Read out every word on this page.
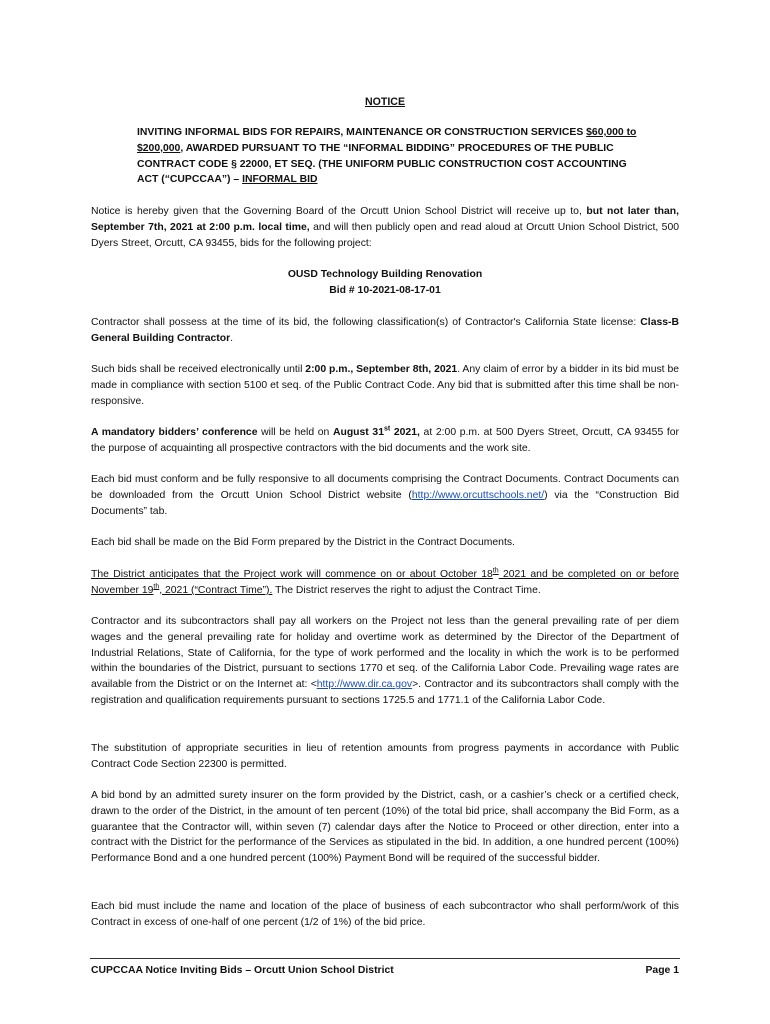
NOTICE
INVITING INFORMAL BIDS FOR REPAIRS, MAINTENANCE OR CONSTRUCTION SERVICES $60,000 to $200,000, AWARDED PURSUANT TO THE “INFORMAL BIDDING” PROCEDURES OF THE PUBLIC CONTRACT CODE § 22000, ET SEQ. (THE UNIFORM PUBLIC CONSTRUCTION COST ACCOUNTING ACT (“CUPCCAA”) – INFORMAL BID
Notice is hereby given that the Governing Board of the Orcutt Union School District will receive up to, but not later than, September 7th, 2021 at 2:00 p.m. local time, and will then publicly open and read aloud at Orcutt Union School District, 500 Dyers Street, Orcutt, CA 93455, bids for the following project:
OUSD Technology Building Renovation
Bid # 10-2021-08-17-01
Contractor shall possess at the time of its bid, the following classification(s) of Contractor's California State license: Class-B General Building Contractor.
Such bids shall be received electronically until 2:00 p.m., September 8th, 2021. Any claim of error by a bidder in its bid must be made in compliance with section 5100 et seq. of the Public Contract Code. Any bid that is submitted after this time shall be non-responsive.
A mandatory bidders’ conference will be held on August 31st 2021, at 2:00 p.m. at 500 Dyers Street, Orcutt, CA 93455 for the purpose of acquainting all prospective contractors with the bid documents and the work site.
Each bid must conform and be fully responsive to all documents comprising the Contract Documents. Contract Documents can be downloaded from the Orcutt Union School District website (http://www.orcuttschools.net/) via the “Construction Bid Documents” tab.
Each bid shall be made on the Bid Form prepared by the District in the Contract Documents.
The District anticipates that the Project work will commence on or about October 18th 2021 and be completed on or before November 19th, 2021 (“Contract Time”). The District reserves the right to adjust the Contract Time.
Contractor and its subcontractors shall pay all workers on the Project not less than the general prevailing rate of per diem wages and the general prevailing rate for holiday and overtime work as determined by the Director of the Department of Industrial Relations, State of California, for the type of work performed and the locality in which the work is to be performed within the boundaries of the District, pursuant to sections 1770 et seq. of the California Labor Code. Prevailing wage rates are available from the District or on the Internet at: <http://www.dir.ca.gov>. Contractor and its subcontractors shall comply with the registration and qualification requirements pursuant to sections 1725.5 and 1771.1 of the California Labor Code.
The substitution of appropriate securities in lieu of retention amounts from progress payments in accordance with Public Contract Code Section 22300 is permitted.
A bid bond by an admitted surety insurer on the form provided by the District, cash, or a cashier’s check or a certified check, drawn to the order of the District, in the amount of ten percent (10%) of the total bid price, shall accompany the Bid Form, as a guarantee that the Contractor will, within seven (7) calendar days after the Notice to Proceed or other direction, enter into a contract with the District for the performance of the Services as stipulated in the bid. In addition, a one hundred percent (100%) Performance Bond and a one hundred percent (100%) Payment Bond will be required of the successful bidder.
Each bid must include the name and location of the place of business of each subcontractor who shall perform/work of this Contract in excess of one-half of one percent (1/2 of 1%) of the bid price.
CUPCCAA Notice Inviting Bids – Orcutt Union School District	Page 1
